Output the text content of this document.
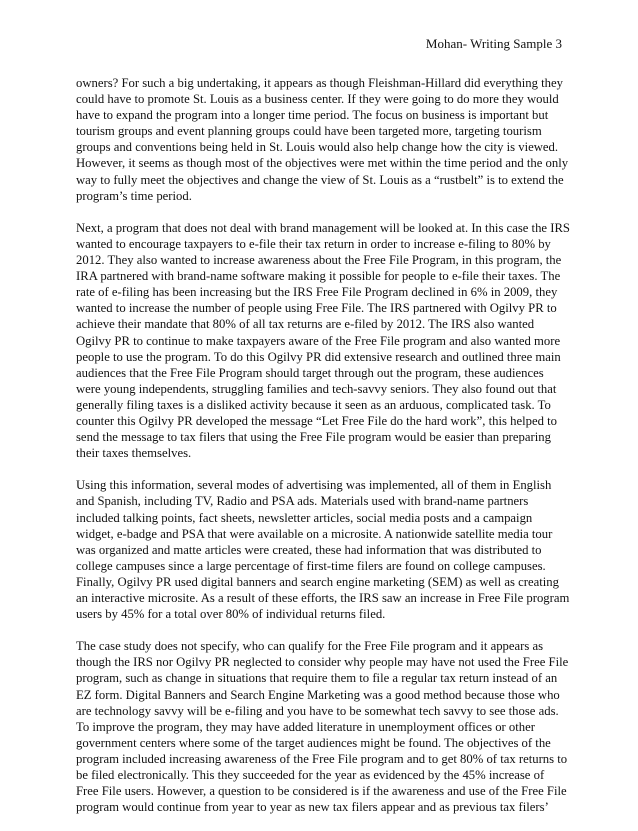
Mohan- Writing Sample 3
owners? For such a big undertaking, it appears as though Fleishman-Hillard did everything they
could have to promote St. Louis as a business center. If they were going to do more they would
have to expand the program into a longer time period. The focus on business is important but
tourism groups and event planning groups could have been targeted more, targeting tourism
groups and conventions being held in St. Louis would also help change how the city is viewed.
However, it seems as though most of the objectives were met within the time period and the only
way to fully meet the objectives and change the view of St. Louis as a “rustbelt” is to extend the
program’s time period.
Next, a program that does not deal with brand management will be looked at. In this case the IRS
wanted to encourage taxpayers to e-file their tax return in order to increase e-filing to 80% by
2012. They also wanted to increase awareness about the Free File Program, in this program, the
IRA partnered with brand-name software making it possible for people to e-file their taxes. The
rate of e-filing has been increasing but the IRS Free File Program declined in 6% in 2009, they
wanted to increase the number of people using Free File. The IRS partnered with Ogilvy PR to
achieve their mandate that 80% of all tax returns are e-filed by 2012. The IRS also wanted
Ogilvy PR to continue to make taxpayers aware of the Free File program and also wanted more
people to use the program. To do this Ogilvy PR did extensive research and outlined three main
audiences that the Free File Program should target through out the program, these audiences
were young independents, struggling families and tech-savvy seniors. They also found out that
generally filing taxes is a disliked activity because it seen as an arduous, complicated task. To
counter this Ogilvy PR developed the message “Let Free File do the hard work”, this helped to
send the message to tax filers that using the Free File program would be easier than preparing
their taxes themselves.
Using this information, several modes of advertising was implemented, all of them in English
and Spanish, including TV, Radio and PSA ads. Materials used with brand-name partners
included talking points, fact sheets, newsletter articles, social media posts and a campaign
widget, e-badge and PSA that were available on a microsite. A nationwide satellite media tour
was organized and matte articles were created, these had information that was distributed to
college campuses since a large percentage of first-time filers are found on college campuses.
Finally, Ogilvy PR used digital banners and search engine marketing (SEM) as well as creating
an interactive microsite. As a result of these efforts, the IRS saw an increase in Free File program
users by 45% for a total over 80% of individual returns filed.
The case study does not specify, who can qualify for the Free File program and it appears as
though the IRS nor Ogilvy PR neglected to consider why people may have not used the Free File
program, such as change in situations that require them to file a regular tax return instead of an
EZ form. Digital Banners and Search Engine Marketing was a good method because those who
are technology savvy will be e-filing and you have to be somewhat tech savvy to see those ads.
To improve the program, they may have added literature in unemployment offices or other
government centers where some of the target audiences might be found. The objectives of the
program included increasing awareness of the Free File program and to get 80% of tax returns to
be filed electronically. This they succeeded for the year as evidenced by the 45% increase of
Free File users. However, a question to be considered is if the awareness and use of the Free File
program would continue from year to year as new tax filers appear and as previous tax filers’
